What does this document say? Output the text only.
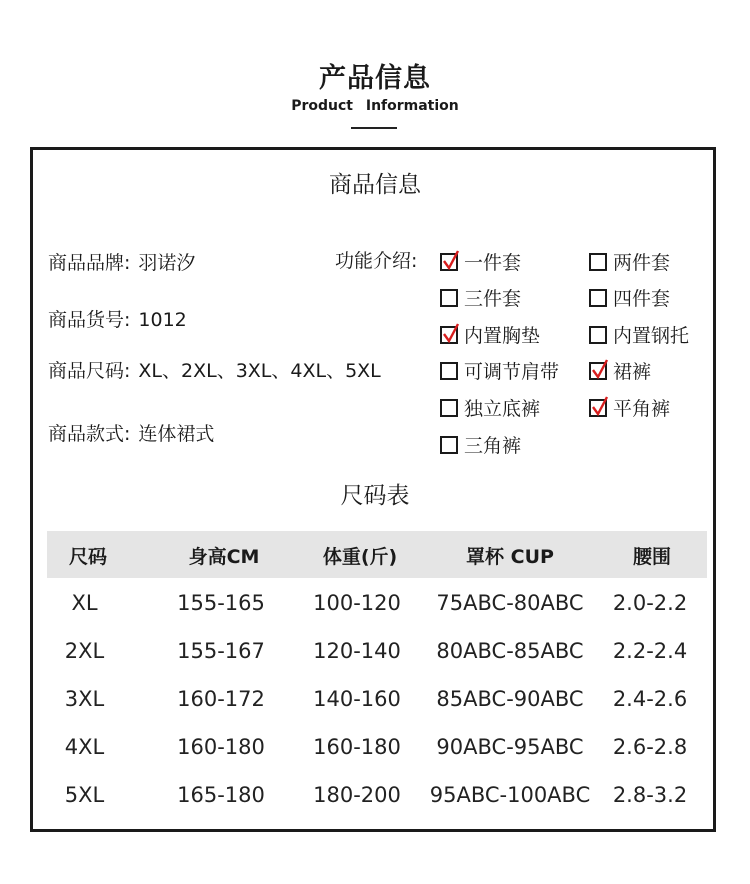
产品信息
Product Information
商品信息
商品品牌: 羽诺汐
商品货号: 1012
商品尺码: XL、2XL、3XL、4XL、5XL
商品款式: 连体裙式
功能介绍: 一件套	两件套
三件套	四件套
内置胸垫	内置钢托
可调节肩带	裙裤
独立底裤	平角裤
三角裤
尺码表
尺码	身高CM	体重(斤)	罩杯 CUP	腰围
XL	155-165	100-120	75ABC-80ABC	2.0-2.2
2XL	155-167	120-140	80ABC-85ABC	2.2-2.4
3XL	160-172	140-160	85ABC-90ABC	2.4-2.6
4XL	160-180	160-180	90ABC-95ABC	2.6-2.8
5XL	165-180	180-200	95ABC-100ABC	2.8-3.2
